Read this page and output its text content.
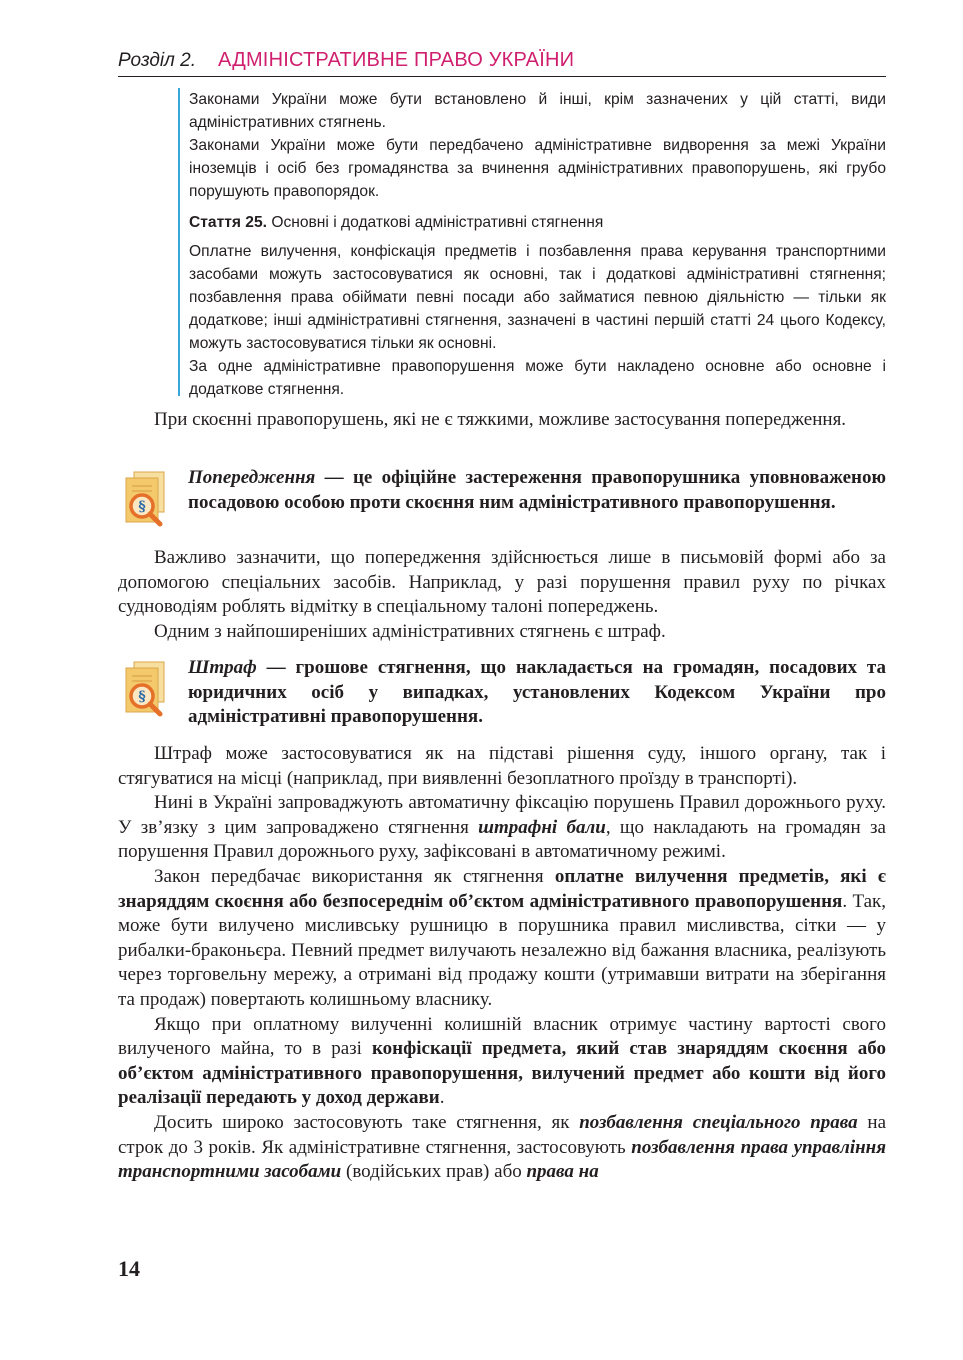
Розділ 2. АДМІНІСТРАТИВНЕ ПРАВО УКРАЇНИ

Законами України може бути встановлено й інші, крім зазначених у цій статті, види адміністративних стягнень.

Законами України може бути передбачено адміністративне видворення за межі України іноземців і осіб без громадянства за вчинення адміністративних правопорушень, які грубо порушують правопорядок.

Стаття 25. Основні і додаткові адміністративні стягнення

Оплатне вилучення, конфіскація предметів і позбавлення права керування транспортними засобами можуть застосовуватися як основні, так і додаткові адміністративні стягнення; позбавлення права обіймати певні посади або займатися певною діяльністю — тільки як додаткове; інші адміністративні стягнення, зазначені в частині першій статті 24 цього Кодексу, можуть застосовуватися тільки як основні.

За одне адміністративне правопорушення може бути накладено основне або основне і додаткове стягнення.

При скоєнні правопорушень, які не є тяжкими, можливе застосування попередження.

§
Попередження — це офіційне застереження правопорушника уповноваженою посадовою особою проти скоєння ним адміністративного правопорушення.

Важливо зазначити, що попередження здійснюється лише в письмовій формі або за допомогою спеціальних засобів. Наприклад, у разі порушення правил руху по річках судноводіям роблять відмітку в спеціальному талоні попереджень.

Одним з найпоширеніших адміністративних стягнень є штраф.

§
Штраф — грошове стягнення, що накладається на громадян, посадових та юридичних осіб у випадках, установлених Кодексом України про адміністративні правопорушення.

Штраф може застосовуватися як на підставі рішення суду, іншого органу, так і стягуватися на місці (наприклад, при виявленні безоплатного проїзду в транспорті).

Нині в Україні запроваджують автоматичну фіксацію порушень Правил дорожнього руху. У зв’язку з цим запроваджено стягнення штрафні бали, що накладають на громадян за порушення Правил дорожнього руху, зафіксовані в автоматичному режимі.

Закон передбачає використання як стягнення оплатне вилучення предметів, які є знаряддям скоєння або безпосереднім об’єктом адміністративного правопорушення. Так, може бути вилучено мисливську рушницю в порушника правил мисливства, сітки — у рибалки-браконьєра. Певний предмет вилучають незалежно від бажання власника, реалізують через торговельну мережу, а отримані від продажу кошти (утримавши витрати на зберігання та продаж) повертають колишньому власнику.

Якщо при оплатному вилученні колишній власник отримує частину вартості свого вилученого майна, то в разі конфіскації предмета, який став знаряддям скоєння або об’єктом адміністративного правопорушення, вилучений предмет або кошти від його реалізації передають у доход держави.

Досить широко застосовують таке стягнення, як позбавлення спеціального права на строк до 3 років. Як адміністративне стягнення, застосовують позбавлення права управління транспортними засобами (водійських прав) або права на

14
